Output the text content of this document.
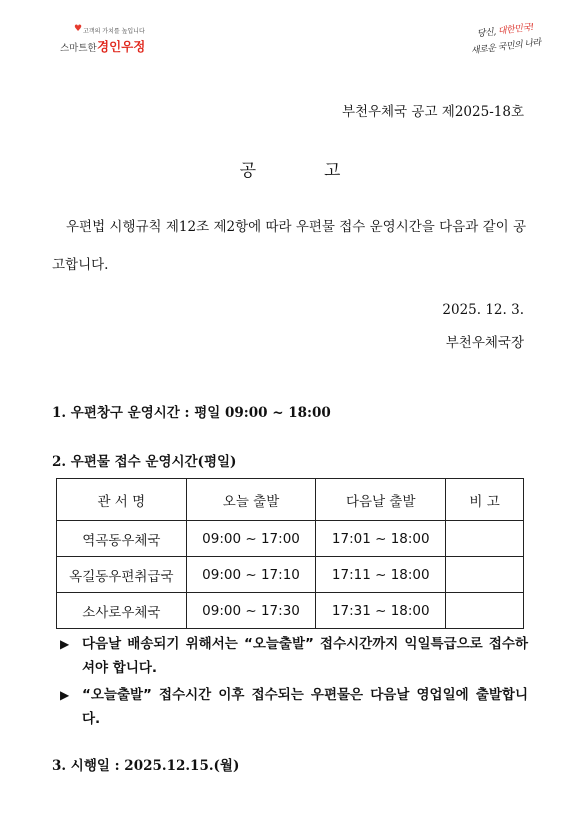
♥ 고객의 가치를 높입니다
스마트한 경인우정
당신, 대한민국!
새로운 국민의 나라
부천우체국 공고 제2025-18호
공	고
우편법 시행규칙 제12조 제2항에 따라 우편물 접수 운영시간을 다음과 같이 공고합니다.
2025. 12. 3.
부천우체국장
1. 우편창구 운영시간 : 평일 09:00 ~ 18:00
2. 우편물 접수 운영시간(평일)
관 서 명	오늘 출발	다음날 출발	비 고
역곡동우체국	09:00 ~ 17:00	17:01 ~ 18:00	
옥길동우편취급국	09:00 ~ 17:10	17:11 ~ 18:00	
소사로우체국	09:00 ~ 17:30	17:31 ~ 18:00	
▶ 다음날 배송되기 위해서는 “오늘출발” 접수시간까지 익일특급으로 접수하셔야 합니다.
▶ “오늘출발” 접수시간 이후 접수되는 우편물은 다음날 영업일에 출발합니다.
3. 시행일 : 2025.12.15.(월)
